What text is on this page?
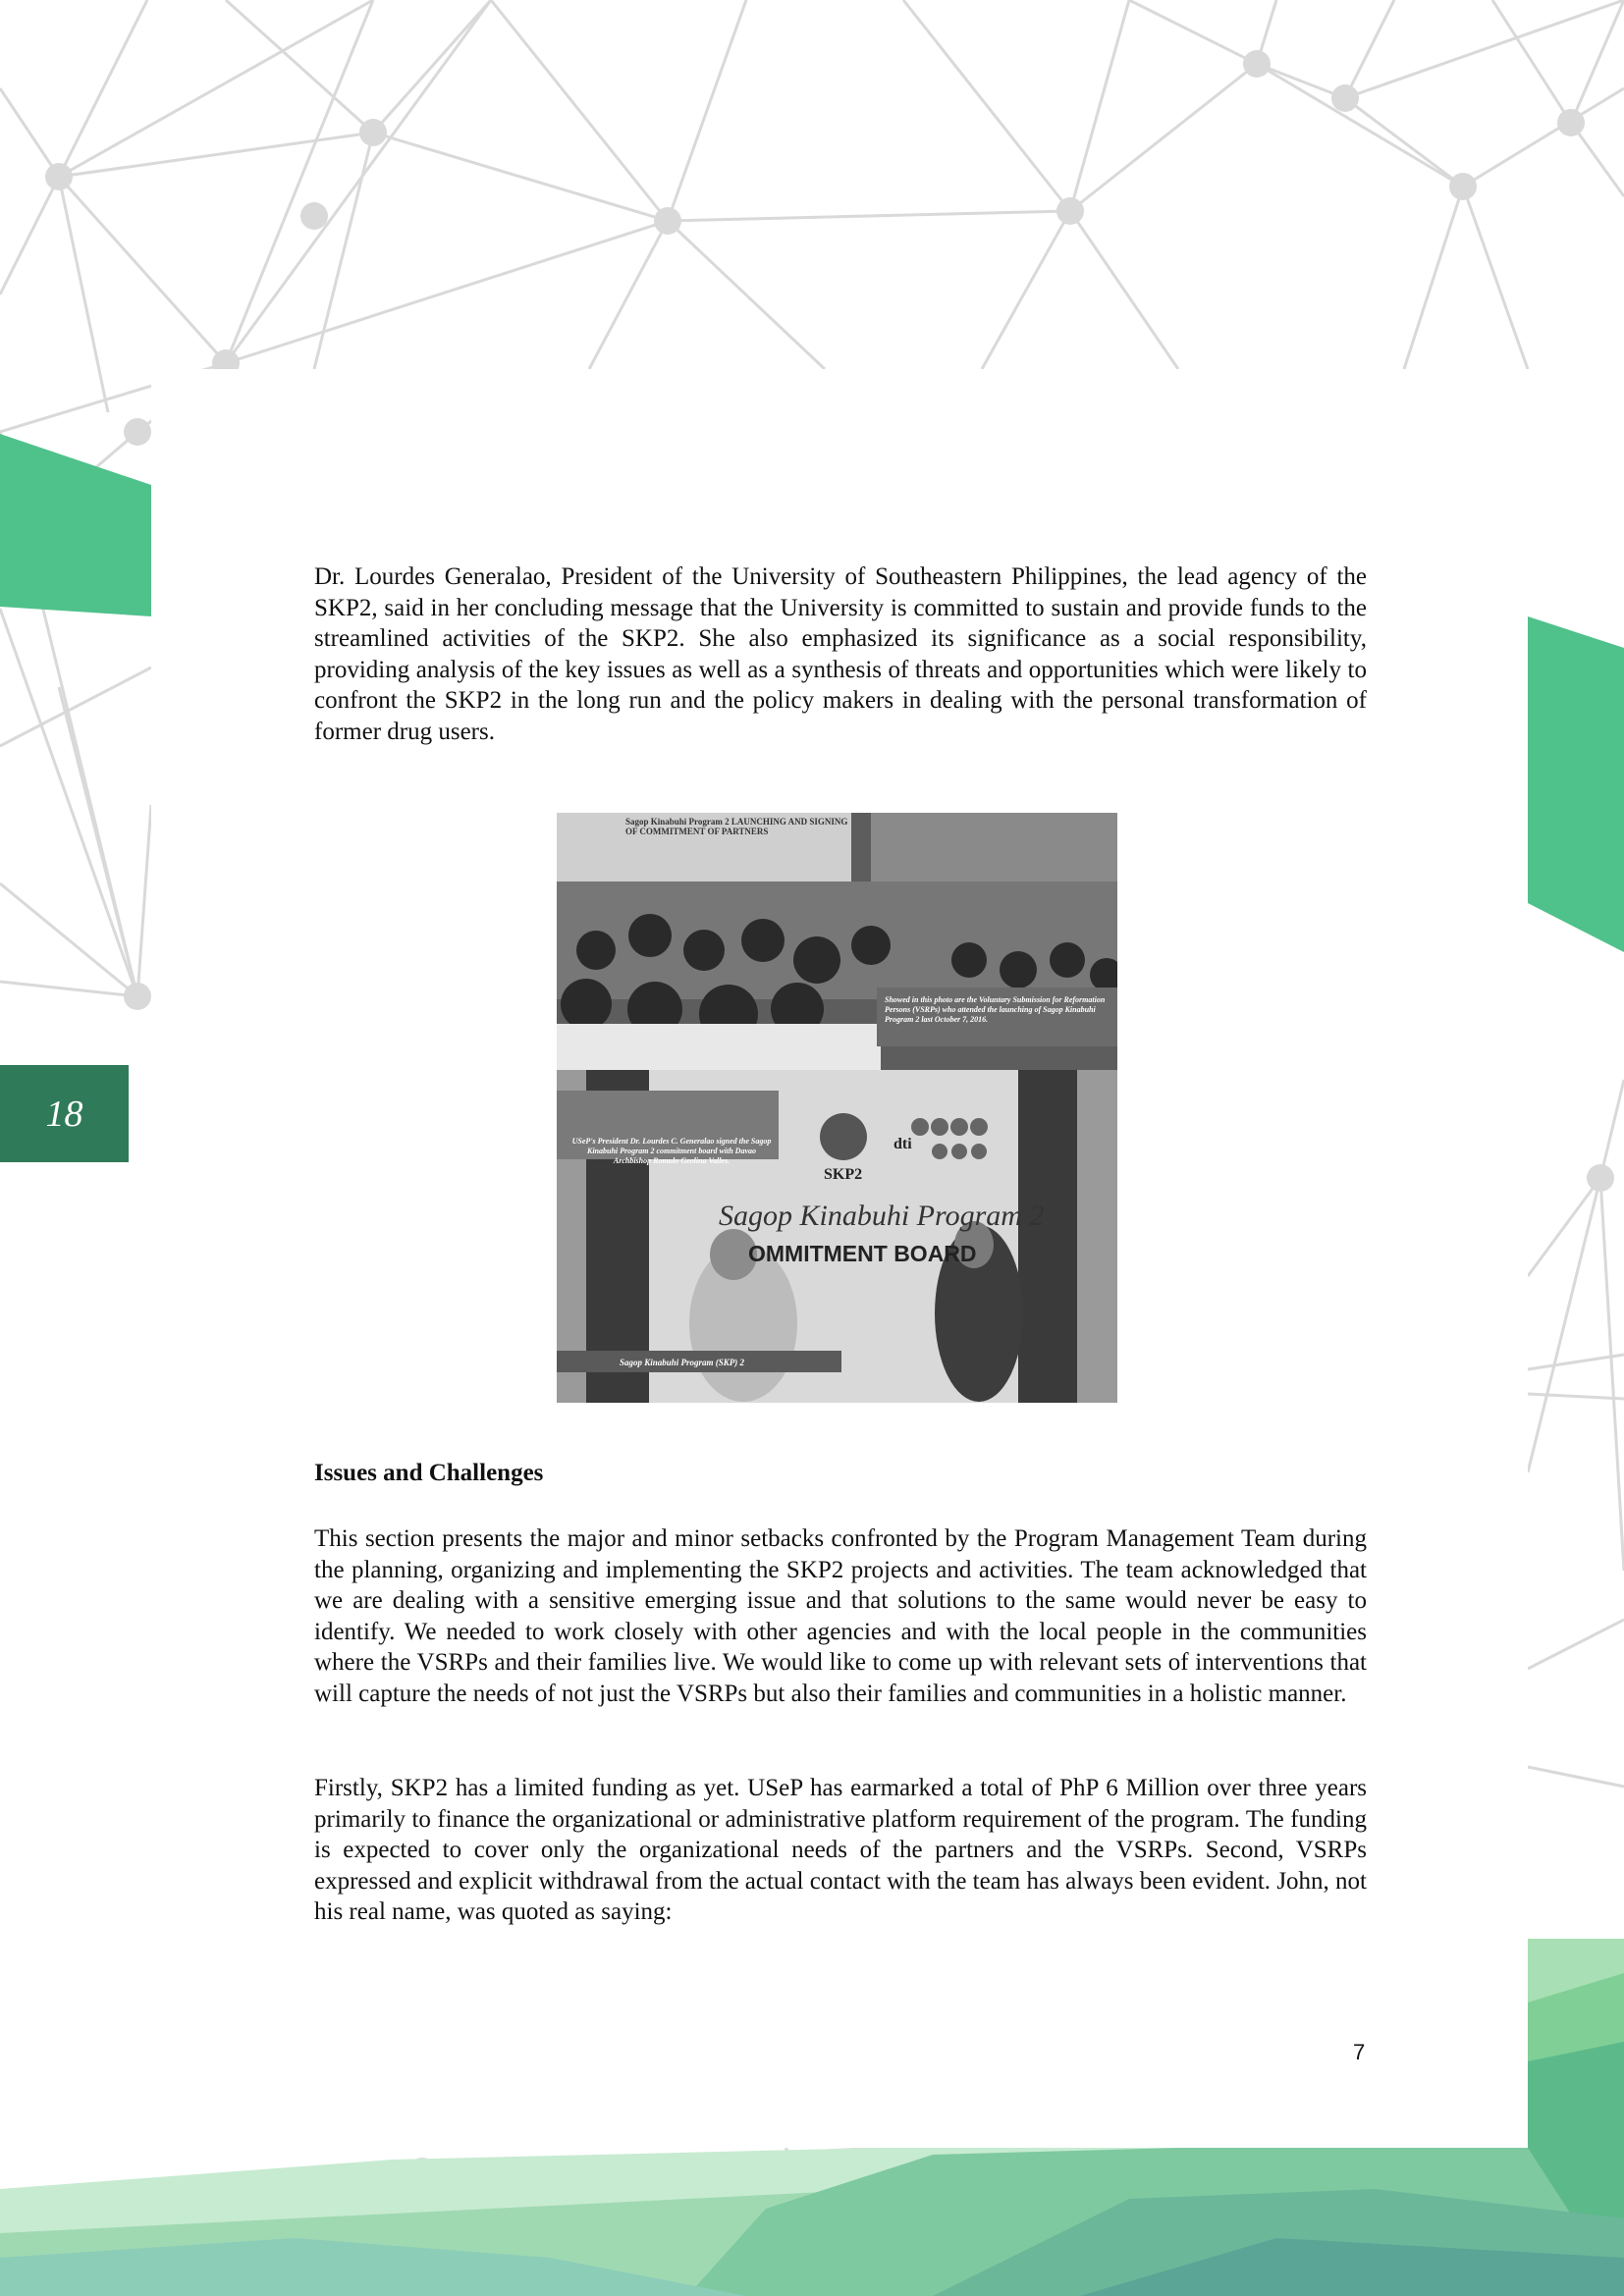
18

Dr. Lourdes Generalao, President of the University of Southeastern Philippines, the lead agency of the SKP2, said in her concluding message that the University is committed to sustain and provide funds to the streamlined activities of the SKP2. She also emphasized its significance as a social responsibility, providing analysis of the key issues as well as a synthesis of threats and opportunities which were likely to confront the SKP2 in the long run and the policy makers in dealing with the personal transformation of former drug users.

Sagop Kinabuhi Program 2 LAUNCHING AND SIGNING OF COMMITMENT OF PARTNERS
Showed in this photo are the Voluntary Submission for Reformation Persons (VSRPs) who attended the launching of Sagop Kinabuhi Program 2 last October 7, 2016.
USeP's President Dr. Lourdes C. Generalao signed the Sagop Kinabuhi Program 2 commitment board with Davao Archbishop Romulo Geolina Valles.
SKP2
dti
Sagop Kinabuhi Program 2
OMMITMENT BOARD
Sagop Kinabuhi Program (SKP) 2
Issues and Challenges

This section presents the major and minor setbacks confronted by the Program Management Team during the planning, organizing and implementing the SKP2 projects and activities. The team acknowledged that we are dealing with a sensitive emerging issue and that solutions to the same would never be easy to identify. We needed to work closely with other agencies and with the local people in the communities where the VSRPs and their families live. We would like to come up with relevant sets of interventions that will capture the needs of not just the VSRPs but also their families and communities in a holistic manner.

Firstly, SKP2 has a limited funding as yet. USeP has earmarked a total of PhP 6 Million over three years primarily to finance the organizational or administrative platform requirement of the program. The funding is expected to cover only the organizational needs of the partners and the VSRPs. Second, VSRPs expressed and explicit withdrawal from the actual contact with the team has always been evident. John, not his real name, was quoted as saying:

7
